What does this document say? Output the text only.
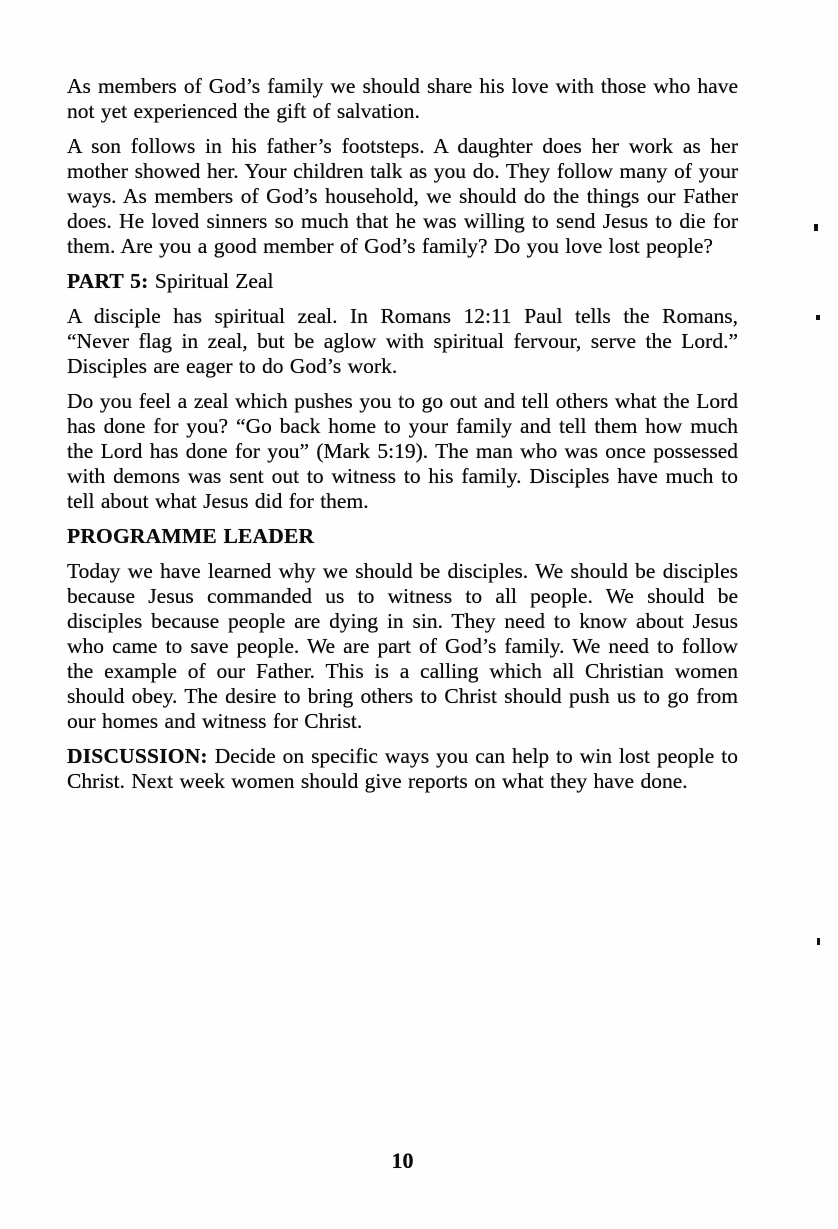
As members of God’s family we should share his love with those who have not yet experienced the gift of salvation.

A son follows in his father’s footsteps. A daughter does her work as her mother showed her. Your children talk as you do. They follow many of your ways. As members of God’s household, we should do the things our Father does. He loved sinners so much that he was willing to send Jesus to die for them. Are you a good member of God’s family? Do you love lost people?

PART 5: Spiritual Zeal

A disciple has spiritual zeal. In Romans 12:11 Paul tells the Romans, “Never flag in zeal, but be aglow with spiritual fervour, serve the Lord.” Disciples are eager to do God’s work.

Do you feel a zeal which pushes you to go out and tell others what the Lord has done for you? “Go back home to your family and tell them how much the Lord has done for you” (Mark 5:19). The man who was once possessed with demons was sent out to witness to his family. Disciples have much to tell about what Jesus did for them.

PROGRAMME LEADER

Today we have learned why we should be disciples. We should be disciples because Jesus commanded us to witness to all people. We should be disciples because people are dying in sin. They need to know about Jesus who came to save people. We are part of God’s family. We need to follow the example of our Father. This is a calling which all Christian women should obey. The desire to bring others to Christ should push us to go from our homes and witness for Christ.

DISCUSSION: Decide on specific ways you can help to win lost people to Christ. Next week women should give reports on what they have done.

10
